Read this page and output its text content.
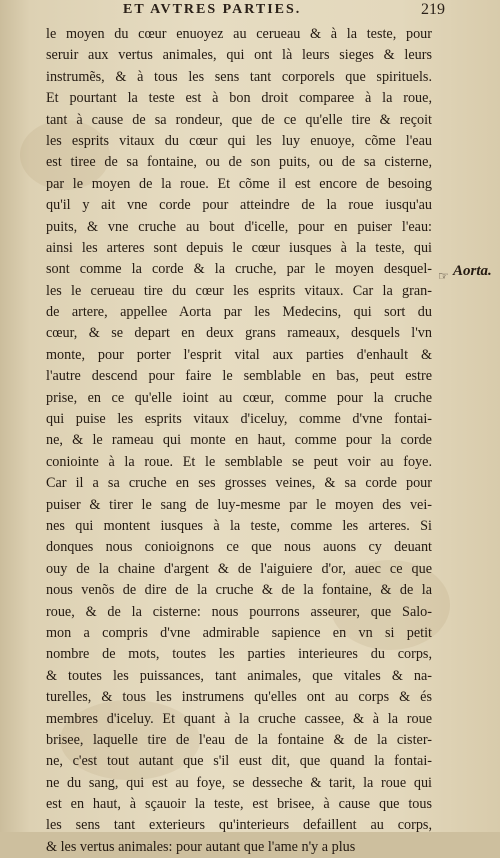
ET AVTRES PARTIES.	219
le moyen du cœur enuoyez au cerueau & à la teste, pour
seruir aux vertus animales, qui ont là leurs sieges & leurs
instrumẽs, & à tous les sens tant corporels que spirituels.
Et pourtant la teste est à bon droit comparee à la roue,
tant à cause de sa rondeur, que de ce qu'elle tire & reçoit
les esprits vitaux du cœur qui les luy enuoye, cõme l'eau
est tiree de sa fontaine, ou de son puits, ou de sa cisterne,
par le moyen de la roue. Et cõme il est encore de besoing
qu'il y ait vne corde pour atteindre de la roue iusqu'au
puits, & vne cruche au bout d'icelle, pour en puiser l'eau:
ainsi les arteres sont depuis le cœur iusques à la teste, qui
sont comme la corde & la cruche, par le moyen desquel-
les le cerueau tire du cœur les esprits vitaux. Car la gran-
de artere, appellee Aorta par les Medecins, qui sort du
cœur, & se depart en deux grans rameaux, desquels l'vn
monte, pour porter l'esprit vital aux parties d'enhault &
l'autre descend pour faire le semblable en bas, peut estre
prise, en ce qu'elle ioint au cœur, comme pour la cruche
qui puise les esprits vitaux d'iceluy, comme d'vne fontai-
ne, & le rameau qui monte en haut, comme pour la corde
coniointe à la roue. Et le semblable se peut voir au foye.
Car il a sa cruche en ses grosses veines, & sa corde pour
puiser & tirer le sang de luy-mesme par le moyen des vei-
nes qui montent iusques à la teste, comme les arteres. Si
donques nous conioignons ce que nous auons cy deuant
ouy de la chaine d'argent & de l'aiguiere d'or, auec ce que
nous venõs de dire de la cruche & de la fontaine, & de la
roue, & de la cisterne: nous pourrons asseurer, que Salo-
mon a compris d'vne admirable sapience en vn si petit
nombre de mots, toutes les parties interieures du corps,
& toutes les puissances, tant animales, que vitales & na-
turelles, & tous les instrumens qu'elles ont au corps & és
membres d'iceluy. Et quant à la cruche cassee, & à la roue
brisee, laquelle tire de l'eau de la fontaine & de la cister-
ne, c'est tout autant que s'il eust dit, que quand la fontai-
ne du sang, qui est au foye, se desseche & tarit, la roue qui
est en haut, à sçauoir la teste, est brisee, à cause que tous
les sens tant exterieurs qu'interieurs defaillent au corps,
& les vertus animales: pour autant que l'ame n'y a plus
☞ Aorta.
